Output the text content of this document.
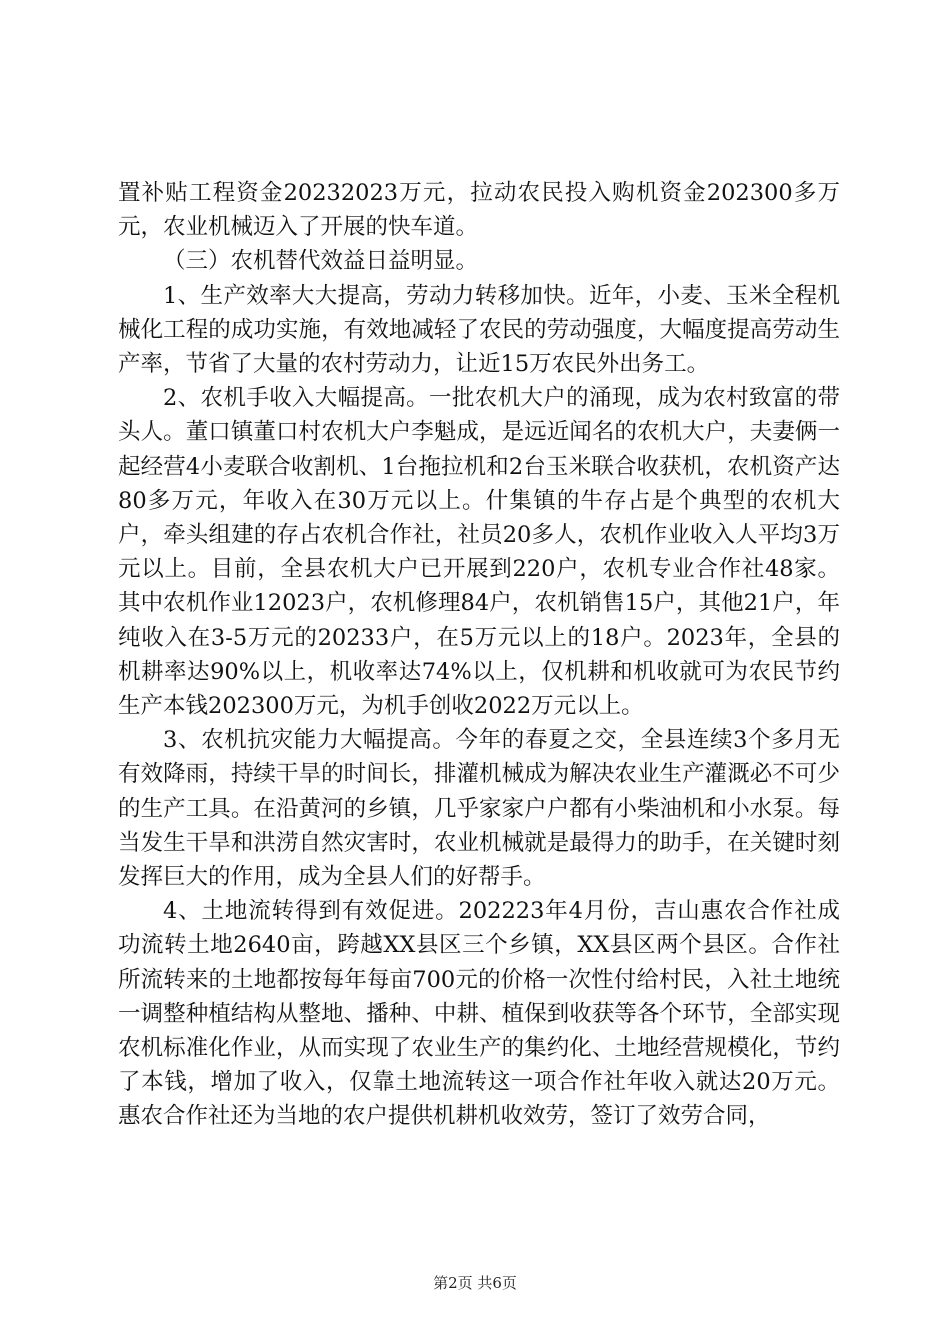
置补贴工程资金20232023万元，拉动农民投入购机资金202300多万元，农业机械迈入了开展的快车道。

（三）农机替代效益日益明显。

1、生产效率大大提高，劳动力转移加快。近年，小麦、玉米全程机械化工程的成功实施，有效地减轻了农民的劳动强度，大幅度提高劳动生产率，节省了大量的农村劳动力，让近15万农民外出务工。

2、农机手收入大幅提高。一批农机大户的涌现，成为农村致富的带头人。董口镇董口村农机大户李魁成，是远近闻名的农机大户，夫妻俩一起经营4小麦联合收割机、1台拖拉机和2台玉米联合收获机，农机资产达80多万元，年收入在30万元以上。什集镇的牛存占是个典型的农机大户，牵头组建的存占农机合作社，社员20多人，农机作业收入人平均3万元以上。目前，全县农机大户已开展到220户，农机专业合作社48家。其中农机作业12023户，农机修理84户，农机销售15户，其他21户，年纯收入在3-5万元的20233户，在5万元以上的18户。2023年，全县的机耕率达90%以上，机收率达74%以上，仅机耕和机收就可为农民节约生产本钱202300万元，为机手创收2022万元以上。

3、农机抗灾能力大幅提高。今年的春夏之交，全县连续3个多月无有效降雨，持续干旱的时间长，排灌机械成为解决农业生产灌溉必不可少的生产工具。在沿黄河的乡镇，几乎家家户户都有小柴油机和小水泵。每当发生干旱和洪涝自然灾害时，农业机械就是最得力的助手，在关键时刻发挥巨大的作用，成为全县人们的好帮手。

4、土地流转得到有效促进。202223年4月份，吉山惠农合作社成功流转土地2640亩，跨越XX县区三个乡镇，XX县区两个县区。合作社所流转来的土地都按每年每亩700元的价格一次性付给村民，入社土地统一调整种植结构从整地、播种、中耕、植保到收获等各个环节，全部实现农机标准化作业，从而实现了农业生产的集约化、土地经营规模化，节约了本钱，增加了收入，仅靠土地流转这一项合作社年收入就达20万元。惠农合作社还为当地的农户提供机耕机收效劳，签订了效劳合同，

第2页 共6页
